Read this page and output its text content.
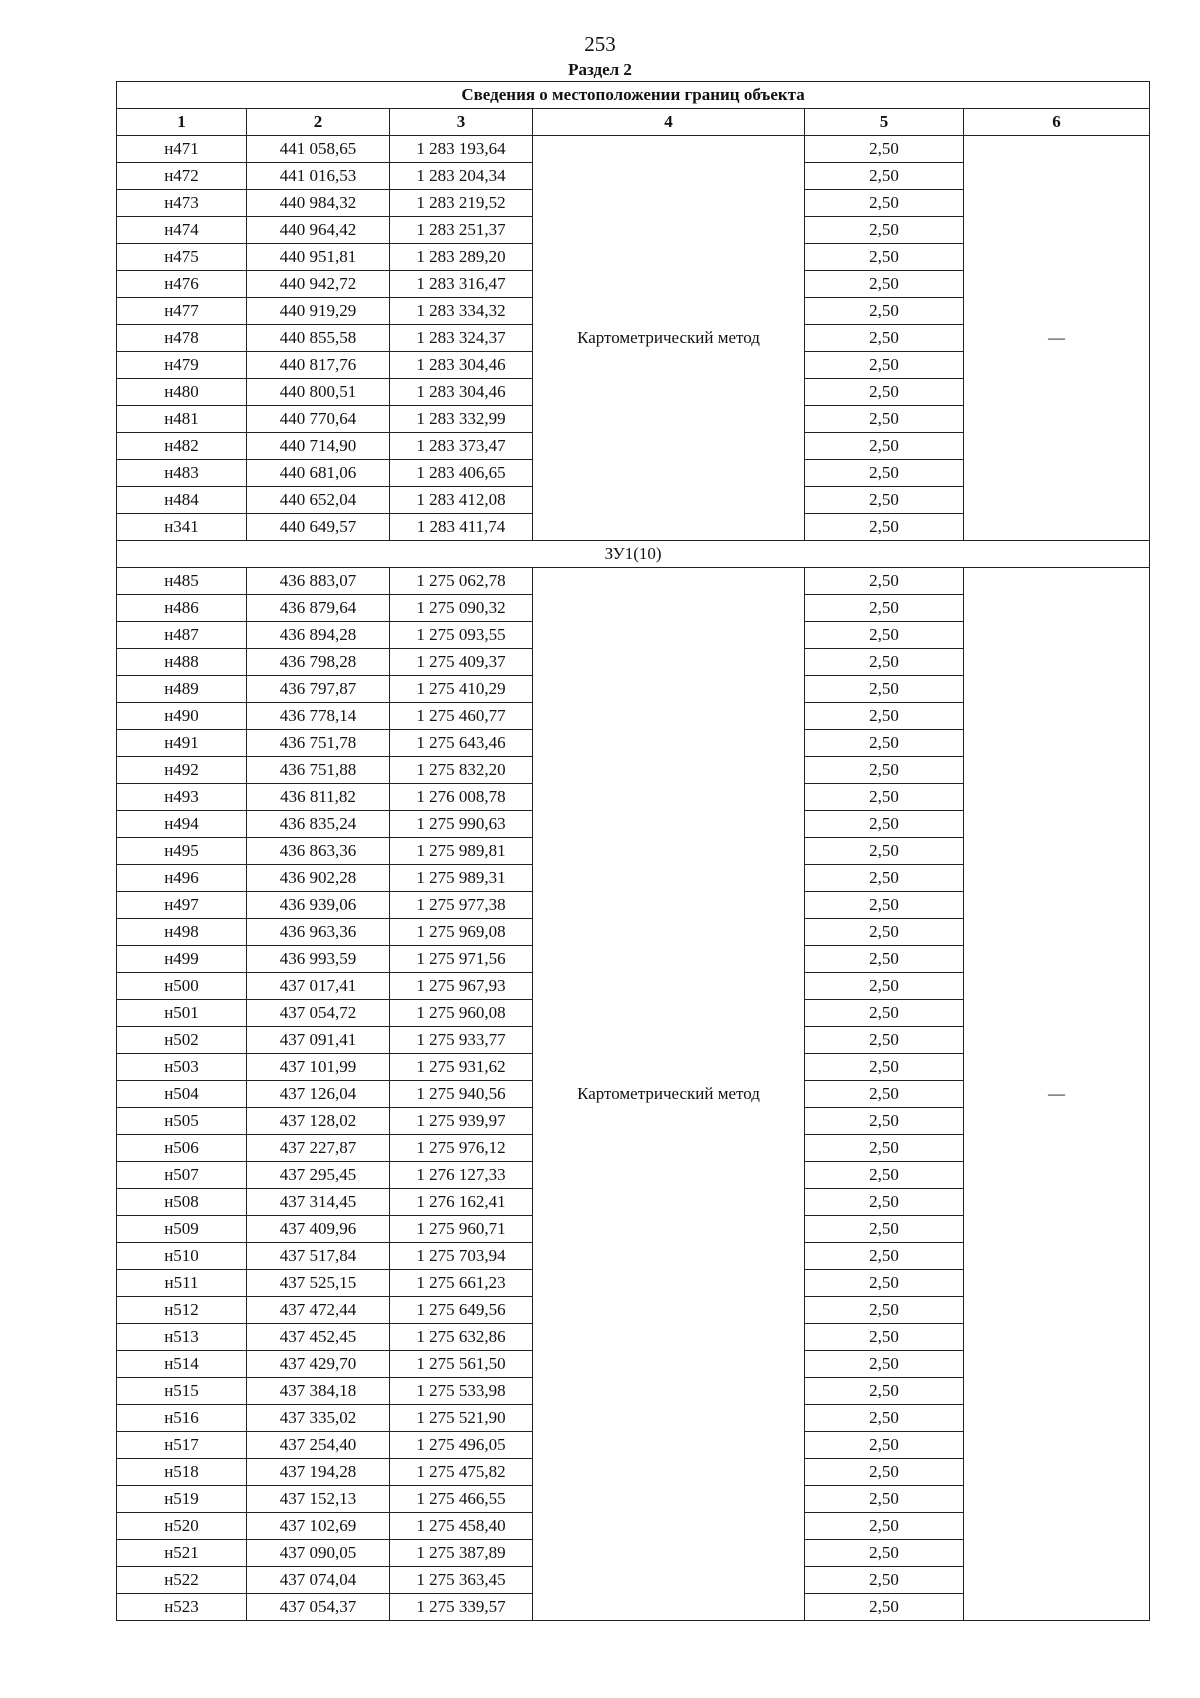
253
Раздел 2
Сведения о местоположении границ объекта					
1	2	3	4	5	6
н471	441 058,65	1 283 193,64	Картометрический метод	2,50	—
н472	441 016,53	1 283 204,34		2,50	
н473	440 984,32	1 283 219,52		2,50	
н474	440 964,42	1 283 251,37		2,50	
н475	440 951,81	1 283 289,20		2,50	
н476	440 942,72	1 283 316,47		2,50	
н477	440 919,29	1 283 334,32		2,50	
н478	440 855,58	1 283 324,37		2,50	
н479	440 817,76	1 283 304,46		2,50	
н480	440 800,51	1 283 304,46		2,50	
н481	440 770,64	1 283 332,99		2,50	
н482	440 714,90	1 283 373,47		2,50	
н483	440 681,06	1 283 406,65		2,50	
н484	440 652,04	1 283 412,08		2,50	
н341	440 649,57	1 283 411,74		2,50	
ЗУ1(10)					
н485	436 883,07	1 275 062,78	Картометрический метод	2,50	—
н486	436 879,64	1 275 090,32		2,50	
н487	436 894,28	1 275 093,55		2,50	
н488	436 798,28	1 275 409,37		2,50	
н489	436 797,87	1 275 410,29		2,50	
н490	436 778,14	1 275 460,77		2,50	
н491	436 751,78	1 275 643,46		2,50	
н492	436 751,88	1 275 832,20		2,50	
н493	436 811,82	1 276 008,78		2,50	
н494	436 835,24	1 275 990,63		2,50	
н495	436 863,36	1 275 989,81		2,50	
н496	436 902,28	1 275 989,31		2,50	
н497	436 939,06	1 275 977,38		2,50	
н498	436 963,36	1 275 969,08		2,50	
н499	436 993,59	1 275 971,56		2,50	
н500	437 017,41	1 275 967,93		2,50	
н501	437 054,72	1 275 960,08		2,50	
н502	437 091,41	1 275 933,77		2,50	
н503	437 101,99	1 275 931,62		2,50	
н504	437 126,04	1 275 940,56		2,50	
н505	437 128,02	1 275 939,97		2,50	
н506	437 227,87	1 275 976,12		2,50	
н507	437 295,45	1 276 127,33		2,50	
н508	437 314,45	1 276 162,41		2,50	
н509	437 409,96	1 275 960,71		2,50	
н510	437 517,84	1 275 703,94		2,50	
н511	437 525,15	1 275 661,23		2,50	
н512	437 472,44	1 275 649,56		2,50	
н513	437 452,45	1 275 632,86		2,50	
н514	437 429,70	1 275 561,50		2,50	
н515	437 384,18	1 275 533,98		2,50	
н516	437 335,02	1 275 521,90		2,50	
н517	437 254,40	1 275 496,05		2,50	
н518	437 194,28	1 275 475,82		2,50	
н519	437 152,13	1 275 466,55		2,50	
н520	437 102,69	1 275 458,40		2,50	
н521	437 090,05	1 275 387,89		2,50	
н522	437 074,04	1 275 363,45		2,50	
н523	437 054,37	1 275 339,57		2,50	
